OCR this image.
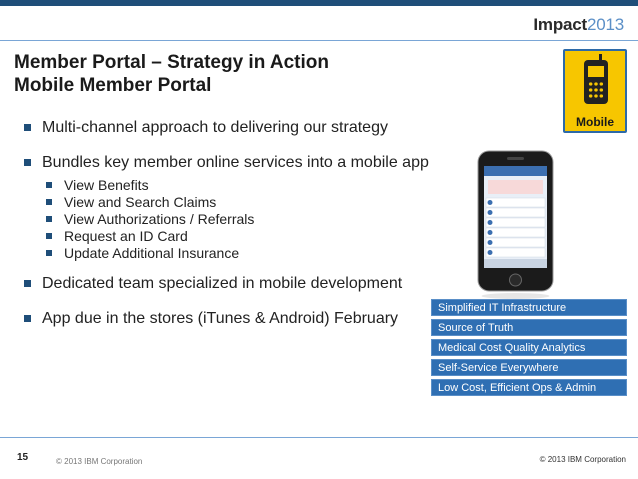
Impact2013
Member Portal – Strategy in Action
Mobile Member Portal
Multi-channel approach to delivering our strategy
Bundles key member online services into a mobile app
View Benefits
View and Search Claims
View Authorizations / Referrals
Request an ID Card
Update Additional Insurance
Dedicated team specialized in mobile development
App due in the stores (iTunes & Android) February
Mobile
Simplified IT Infrastructure
Source of Truth
Medical Cost Quality Analytics
Self-Service Everywhere
Low Cost, Efficient Ops & Admin
15	© 2013 IBM Corporation	© 2013 IBM Corporation
